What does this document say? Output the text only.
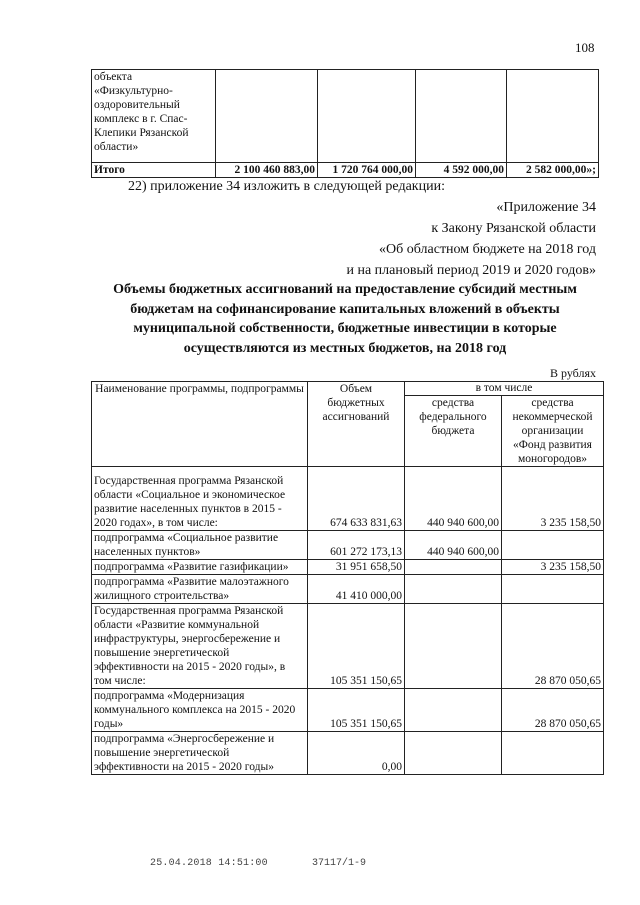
108
объекта «Физкультурно-оздоровительный комплекс в г. Спас-Клепики Рязанской области»				
Итого	2 100 460 883,00	1 720 764 000,00	4 592 000,00	2 582 000,00»;
22) приложение 34 изложить в следующей редакции:
«Приложение 34
к Закону Рязанской области
«Об областном бюджете на 2018 год
и на плановый период 2019 и 2020 годов»
Объемы бюджетных ассигнований на предоставление субсидий местным бюджетам на софинансирование капитальных вложений в объекты муниципальной собственности, бюджетные инвестиции в которые осуществляются из местных бюджетов, на 2018 год
В рублях
Наименование программы, подпрограммы	Объем бюджетных ассигнований	в том числе	
		средства федерального бюджета	средства некоммерческой организации «Фонд развития моногородов»
Государственная программа Рязанской области «Социальное и экономическое развитие населенных пунктов в 2015 - 2020 годах», в том числе:	674 633 831,63	440 940 600,00	3 235 158,50
подпрограмма «Социальное развитие населенных пунктов»	601 272 173,13	440 940 600,00	
подпрограмма «Развитие газификации»	31 951 658,50		3 235 158,50
подпрограмма «Развитие малоэтажного жилищного строительства»	41 410 000,00		
Государственная программа Рязанской области «Развитие коммунальной инфраструктуры, энергосбережение и повышение энергетической эффективности на 2015 - 2020 годы», в том числе:	105 351 150,65		28 870 050,65
подпрограмма «Модернизация коммунального комплекса на 2015 - 2020 годы»	105 351 150,65		28 870 050,65
подпрограмма «Энергосбережение и повышение энергетической эффективности на 2015 - 2020 годы»	0,00		
25.04.2018 14:51:00	37117/1-9
